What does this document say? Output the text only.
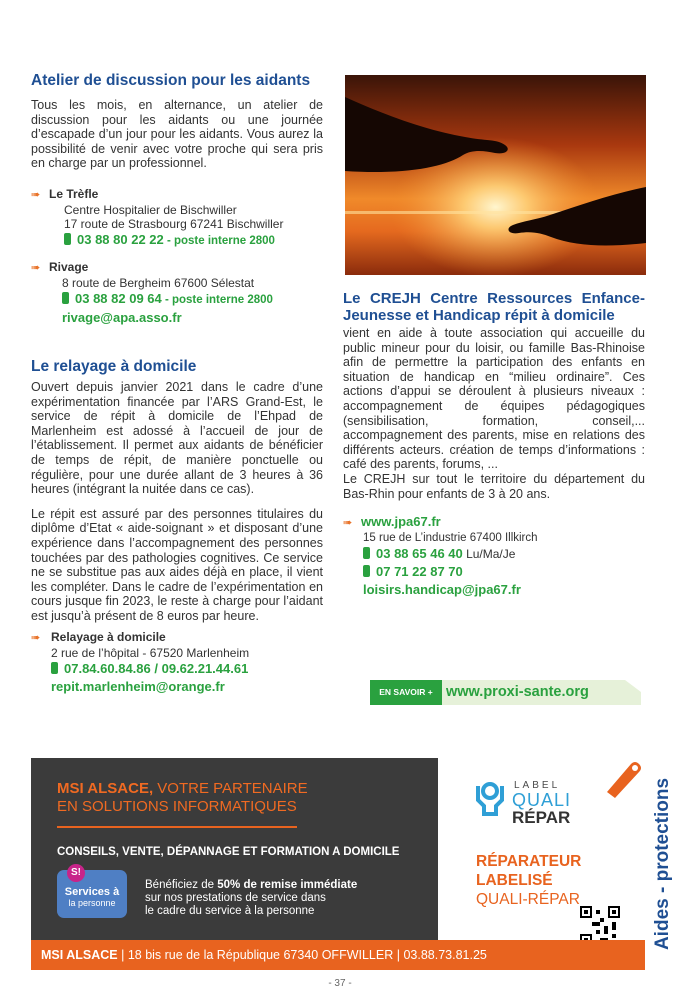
Atelier de discussion pour les aidants
Tous les mois, en alternance, un atelier de discussion pour les aidants ou une journée d’escapade d’un jour pour les aidants. Vous aurez la possibilité de venir avec votre proche qui sera pris en charge par un professionnel.
➠ Le Trèfle
Centre Hospitalier de Bischwiller
17 route de Strasbourg 67241 Bischwiller
03 88 80 22 22 - poste interne 2800
➠ Rivage
8 route de Bergheim 67600 Sélestat
03 88 82 09 64 - poste interne 2800
rivage@apa.asso.fr
Le relayage à domicile
Ouvert depuis janvier 2021 dans le cadre d’une expérimentation financée par l’ARS Grand-Est, le service de répit à domicile de l’Ehpad de Marlenheim est adossé à l’accueil de jour de l’établissement. Il permet aux aidants de bénéficier de temps de répit, de manière ponctuelle ou régulière, pour une durée allant de 3 heures à 36 heures (intégrant la nuitée dans ce cas).
Le répit est assuré par des personnes titulaires du diplôme d’Etat « aide-soignant » et disposant d’une expérience dans l’accompagnement des personnes touchées par des pathologies cognitives. Ce service ne se substitue pas aux aides déjà en place, il vient les compléter. Dans le cadre de l’expérimentation en cours jusque fin 2023, le reste à charge pour l’aidant est jusqu’à présent de 8 euros par heure.
➠ Relayage à domicile
2 rue de l’hôpital - 67520 Marlenheim
07.84.60.84.86 / 09.62.21.44.61
repit.marlenheim@orange.fr
Le CREJH Centre Ressources Enfance-Jeunesse et Handicap répit à domicile
vient en aide à toute association qui accueille du public mineur pour du loisir, ou famille Bas-Rhinoise afin de permettre la participation des enfants en situation de handicap en “milieu ordinaire”. Ces actions d’appui se déroulent à plusieurs niveaux : accompagnement de équipes pédagogiques (sensibilisation, formation, conseil,... accompagnement des parents, mise en relations des différents acteurs. création de temps d’informations : café des parents, forums, ...
Le CREJH sur tout le territoire du département du Bas-Rhin pour enfants de 3 à 20 ans.
➠ www.jpa67.fr
15 rue de L’industrie 67400 Illkirch
03 88 65 46 40 Lu/Ma/Je
07 71 22 87 70
loisirs.handicap@jpa67.fr
EN SAVOIR + www.proxi-sante.org
MSI ALSACE, VOTRE PARTENAIRE
EN SOLUTIONS INFORMATIQUES
CONSEILS, VENTE, DÉPANNAGE ET FORMATION A DOMICILE
S!
Services à
la personne
Bénéficiez de 50% de remise immédiate
sur nos prestations de service dans
le cadre du service à la personne
LABEL
QUALI
RÉPAR
RÉPARATEUR
LABELISÉ
QUALI-RÉPAR
MSI ALSACE | 18 bis rue de la République 67340 OFFWILLER | 03.88.73.81.25
Aides - protections
- 37 -
